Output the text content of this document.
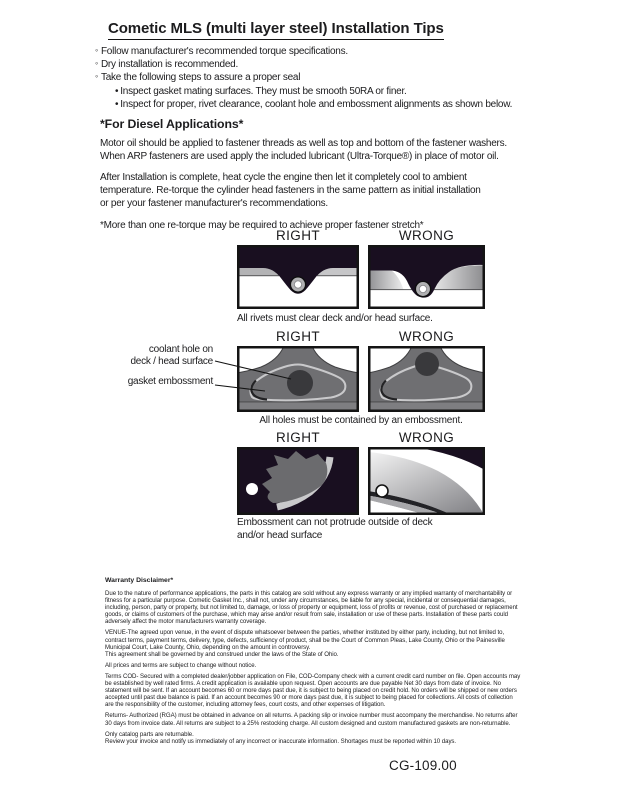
Cometic MLS (multi layer steel) Installation Tips
◦ Follow manufacturer's recommended torque specifications.
◦ Dry installation is recommended.
◦ Take the following steps to assure a proper seal
• Inspect gasket mating surfaces. They must be smooth 50RA or finer.
• Inspect for proper, rivet clearance, coolant hole and embossment alignments as shown below.
*For Diesel Applications*
Motor oil should be applied to fastener threads as well as top and bottom of the fastener washers.
When ARP fasteners are used apply the included lubricant (Ultra-Torque®) in place of motor oil.
After Installation is complete, heat cycle the engine then let it completely cool to ambient
temperature. Re-torque the cylinder head fasteners in the same pattern as initial installation
or per your fastener manufacturer's recommendations.
*More than one re-torque may be required to achieve proper fastener stretch*
RIGHT	WRONG
All rivets must clear deck and/or head surface.
RIGHT	WRONG
coolant hole on
deck / head surface
gasket embossment
All holes must be contained by an embossment.
RIGHT	WRONG
Embossment can not protrude outside of deck and/or head surface
Warranty Disclaimer*
Due to the nature of performance applications, the parts in this catalog are sold without any express warranty or any implied warranty of merchantability or
fitness for a particular purpose. Cometic Gasket Inc., shall not, under any circumstances, be liable for any special, incidental or consequential damages,
including, person, party or property, but not limited to, damage, or loss of property or equipment, loss of profits or revenue, cost of purchased or replacement
goods, or claims of customers of the purchase, which may arise and/or result from sale, installation or use of these parts. Installation of these parts could
adversely affect the motor manufacturers warranty coverage.
VENUE-The agreed upon venue, in the event of dispute whatsoever between the parties, whether instituted by either party, including, but not limited to,
contract terms, payment terms, delivery, type, defects, sufficiency of product, shall be the Court of Common Pleas, Lake County, Ohio or the Painesville
Municipal Court, Lake County, Ohio, depending on the amount in controversy.
This agreement shall be governed by and construed under the laws of the State of Ohio.
All prices and terms are subject to change without notice.
Terms COD- Secured with a completed dealer/jobber application on File, COD-Company check with a current credit card number on file. Open accounts may
be established by well rated firms. A credit application is available upon request. Open accounts are due payable Net 30 days from date of invoice. No
statement will be sent. If an account becomes 60 or more days past due, it is subject to being placed on credit hold. No orders will be shipped or new orders
accepted until past due balance is paid. If an account becomes 90 or more days past due, it is subject to being placed for collections. All costs of collection
are the responsibility of the customer, including attorney fees, court costs, and other expenses of litigation.
Returns- Authorized (RGA) must be obtained in advance on all returns. A packing slip or invoice number must accompany the merchandise. No returns after
30 days from invoice date. All returns are subject to a 25% restocking charge. All custom designed and custom manufactured gaskets are non-returnable.
Only catalog parts are returnable.
Review your invoice and notify us immediately of any incorrect or inaccurate information. Shortages must be reported within 10 days.
CG-109.00
